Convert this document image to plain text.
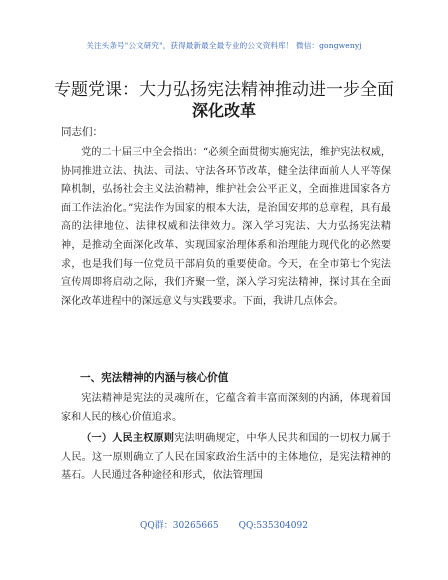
关注头条号"公文研究"，获得最新最全最专业的公文资料库！ 微信：gongwenyj
专题党课：大力弘扬宪法精神推动进一步全面
深化改革
同志们：
党的二十届三中全会指出：“必须全面贯彻实施宪法，维护宪法权威，协同推进立法、执法、司法、守法各环节改革，健全法律面前人人平等保障机制，弘扬社会主义法治精神，维护社会公平正义，全面推进国家各方面工作法治化。”宪法作为国家的根本大法，是治国安邦的总章程，具有最高的法律地位、法律权威和法律效力。深入学习宪法、大力弘扬宪法精神，是推动全面深化改革、实现国家治理体系和治理能力现代化的必然要求，也是我们每一位党员干部肩负的重要使命。今天，在全市第七个宪法宣传周即将启动之际，我们齐聚一堂，深入学习宪法精神，探讨其在全面深化改革进程中的深远意义与实践要求。下面，我讲几点体会。
一、宪法精神的内涵与核心价值
宪法精神是宪法的灵魂所在，它蕴含着丰富而深刻的内涵，体现着国家和人民的核心价值追求。
（一）人民主权原则宪法明确规定，中华人民共和国的一切权力属于人民。这一原则确立了人民在国家政治生活中的主体地位，是宪法精神的基石。人民通过各种途径和形式，依法管理国
QQ群：30265665 QQ:535304092
